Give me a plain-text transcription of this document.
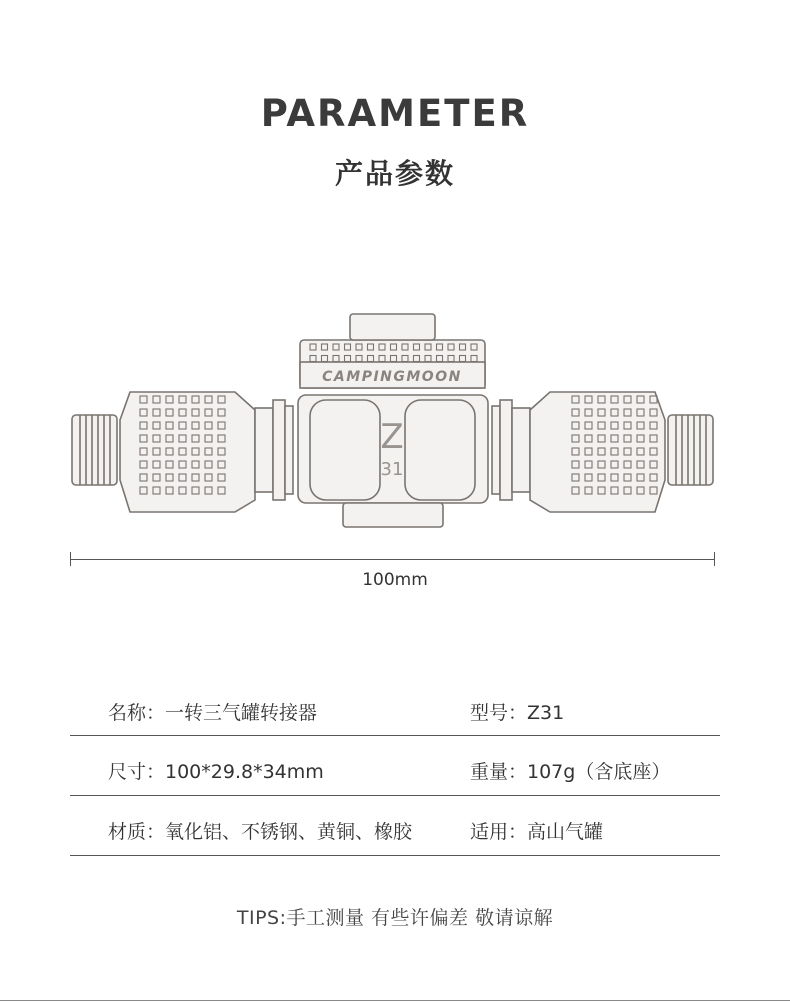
PARAMETER
产品参数
CAMPINGMOON
Z
31
100mm
名称：一转三气罐转接器	型号：Z31
尺寸：100*29.8*34mm	重量：107g（含底座）
材质：氧化铝、不锈钢、黄铜、橡胶	适用：高山气罐
TIPS:手工测量 有些许偏差 敬请谅解
